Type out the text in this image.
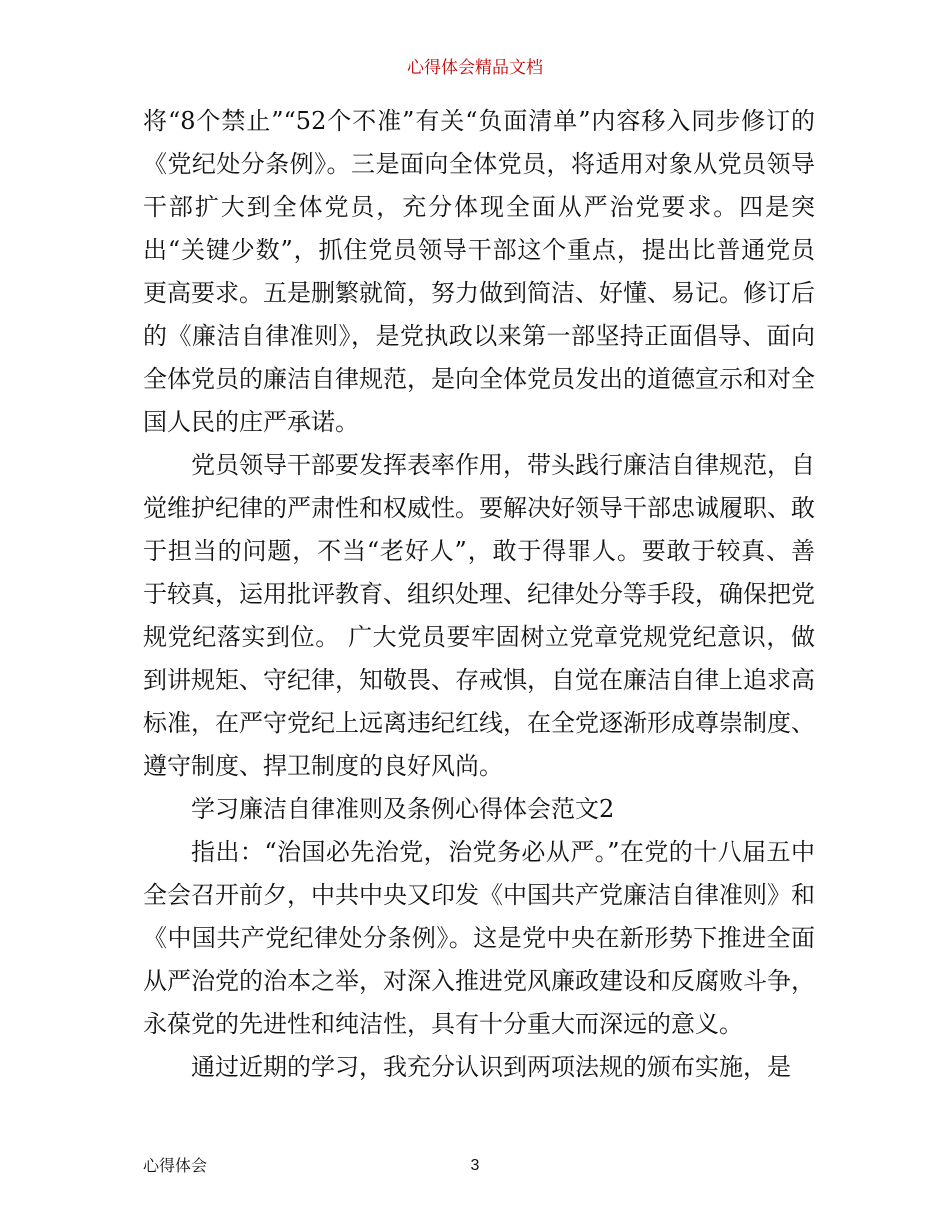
心得体会精品文档

将“8个禁止”“52个不准”有关“负面清单”内容移入同步修订的《党纪处分条例》。三是面向全体党员，将适用对象从党员领导干部扩大到全体党员，充分体现全面从严治党要求。四是突出“关键少数”，抓住党员领导干部这个重点，提出比普通党员更高要求。五是删繁就简，努力做到简洁、好懂、易记。修订后的《廉洁自律准则》，是党执政以来第一部坚持正面倡导、面向全体党员的廉洁自律规范，是向全体党员发出的道德宣示和对全国人民的庄严承诺。

党员领导干部要发挥表率作用，带头践行廉洁自律规范，自觉维护纪律的严肃性和权威性。要解决好领导干部忠诚履职、敢于担当的问题，不当“老好人”，敢于得罪人。要敢于较真、善于较真，运用批评教育、组织处理、纪律处分等手段，确保把党规党纪落实到位。 广大党员要牢固树立党章党规党纪意识，做到讲规矩、守纪律，知敬畏、存戒惧，自觉在廉洁自律上追求高标准，在严守党纪上远离违纪红线，在全党逐渐形成尊崇制度、遵守制度、捍卫制度的良好风尚。

学习廉洁自律准则及条例心得体会范文2

指出：“治国必先治党，治党务必从严。”在党的十八届五中全会召开前夕，中共中央又印发《中国共产党廉洁自律准则》和《中国共产党纪律处分条例》。这是党中央在新形势下推进全面从严治党的治本之举，对深入推进党风廉政建设和反腐败斗争，永葆党的先进性和纯洁性，具有十分重大而深远的意义。

通过近期的学习，我充分认识到两项法规的颁布实施，是

心得体会	3
